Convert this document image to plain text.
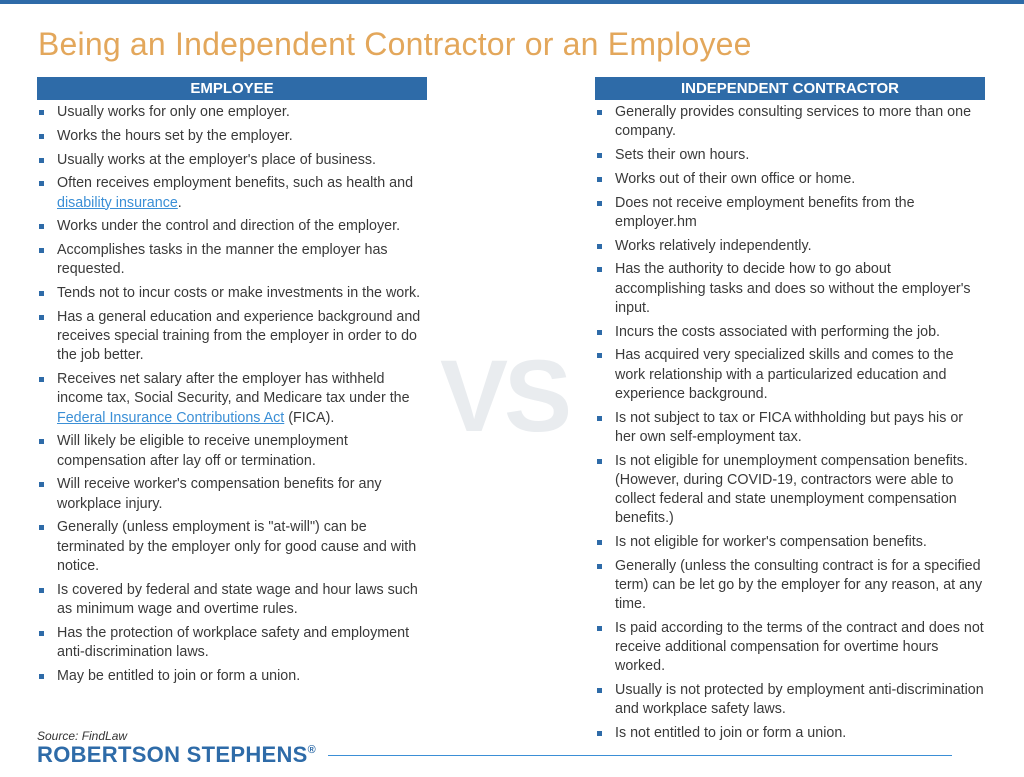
Being an Independent Contractor or an Employee
VS
EMPLOYEE
Usually works for only one employer.
Works the hours set by the employer.
Usually works at the employer's place of business.
Often receives employment benefits, such as health and disability insurance.
Works under the control and direction of the employer.
Accomplishes tasks in the manner the employer has requested.
Tends not to incur costs or make investments in the work.
Has a general education and experience background and receives special training from the employer in order to do the job better.
Receives net salary after the employer has withheld income tax, Social Security, and Medicare tax under the Federal Insurance Contributions Act (FICA).
Will likely be eligible to receive unemployment compensation after lay off or termination.
Will receive worker's compensation benefits for any workplace injury.
Generally (unless employment is "at-will") can be terminated by the employer only for good cause and with notice.
Is covered by federal and state wage and hour laws such as minimum wage and overtime rules.
Has the protection of workplace safety and employment anti-discrimination laws.
May be entitled to join or form a union.
INDEPENDENT CONTRACTOR
Generally provides consulting services to more than one company.
Sets their own hours.
Works out of their own office or home.
Does not receive employment benefits from the employer.hm
Works relatively independently.
Has the authority to decide how to go about accomplishing tasks and does so without the employer's input.
Incurs the costs associated with performing the job.
Has acquired very specialized skills and comes to the work relationship with a particularized education and experience background.
Is not subject to tax or FICA withholding but pays his or her own self-employment tax.
Is not eligible for unemployment compensation benefits. (However, during COVID-19, contractors were able to collect federal and state unemployment compensation benefits.)
Is not eligible for worker's compensation benefits.
Generally (unless the consulting contract is for a specified term) can be let go by the employer for any reason, at any time.
Is paid according to the terms of the contract and does not receive additional compensation for overtime hours worked.
Usually is not protected by employment anti-discrimination and workplace safety laws.
Is not entitled to join or form a union.
Source: FindLaw
ROBERTSON STEPHENS®
